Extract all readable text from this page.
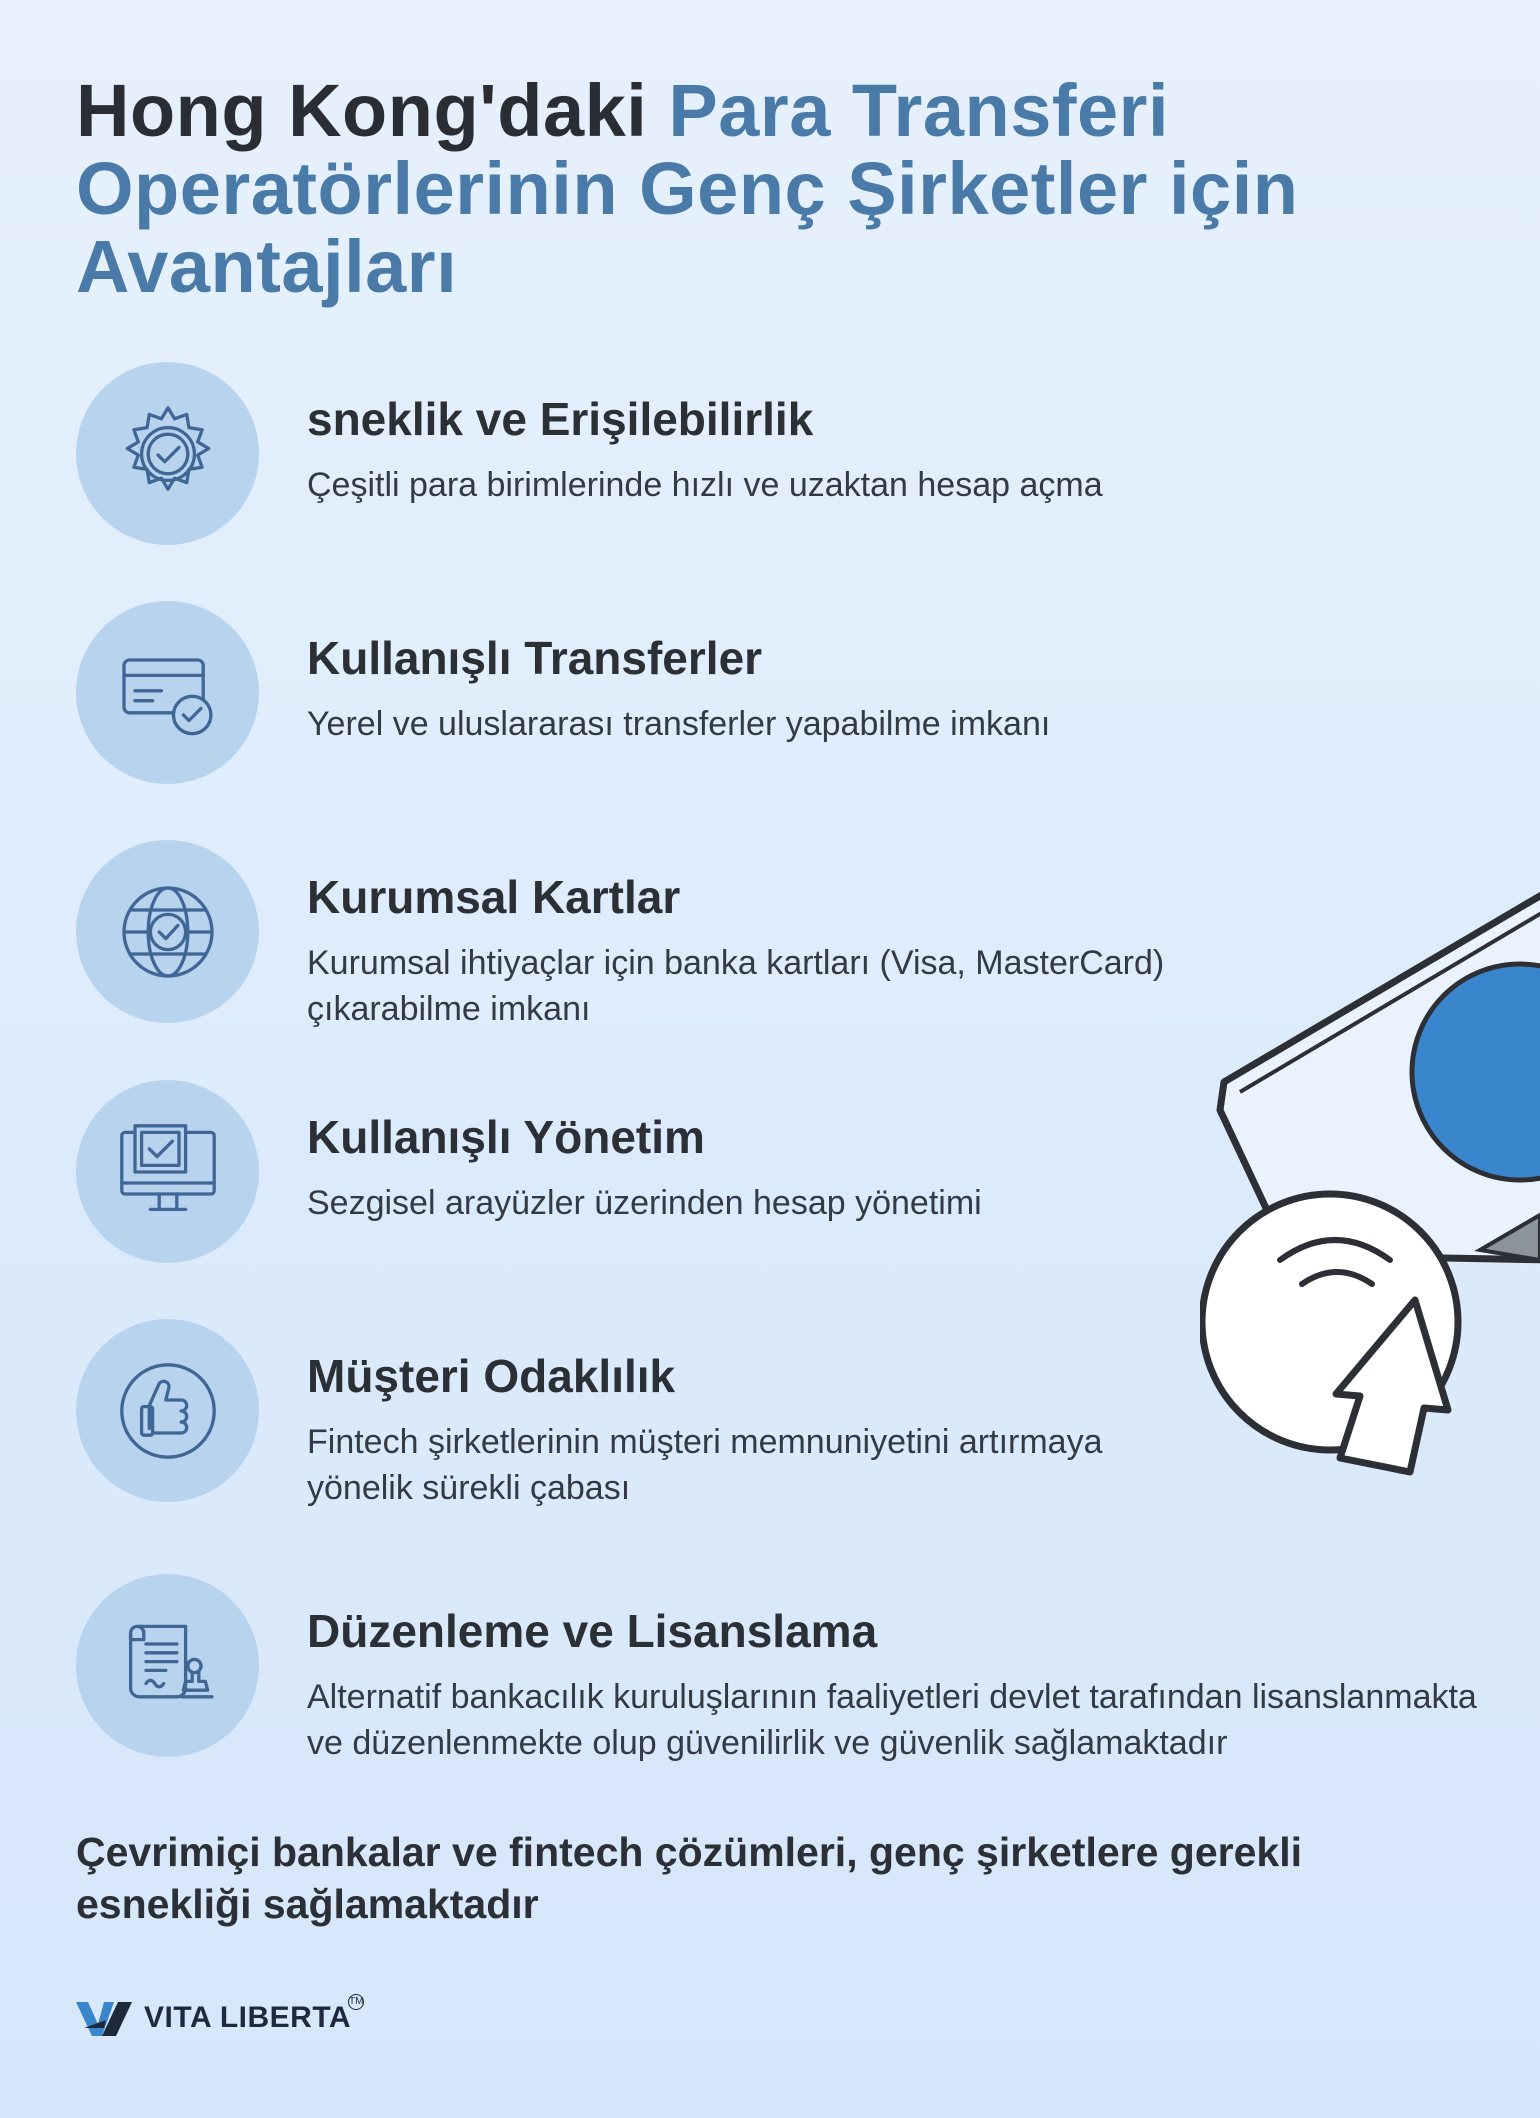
Hong Kong'daki Para Transferi Operatörlerinin Genç Şirketler için Avantajları
sneklik ve Erişilebilirlik

Çeşitli para birimlerinde hızlı ve uzaktan hesap açma

Kullanışlı Transferler

Yerel ve uluslararası transferler yapabilme imkanı

Kurumsal Kartlar

Kurumsal ihtiyaçlar için banka kartları (Visa, MasterCard) çıkarabilme imkanı

Kullanışlı Yönetim

Sezgisel arayüzler üzerinden hesap yönetimi

Müşteri Odaklılık

Fintech şirketlerinin müşteri memnuniyetini artırmaya yönelik sürekli çabası

Düzenleme ve Lisanslama

Alternatif bankacılık kuruluşlarının faaliyetleri devlet tarafından lisanslanmakta ve düzenlenmekte olup güvenilirlik ve güvenlik sağlamaktadır

Çevrimiçi bankalar ve fintech çözümleri, genç şirketlere gerekli esnekliği sağlamaktadır

VITA LIBERTA
TM
